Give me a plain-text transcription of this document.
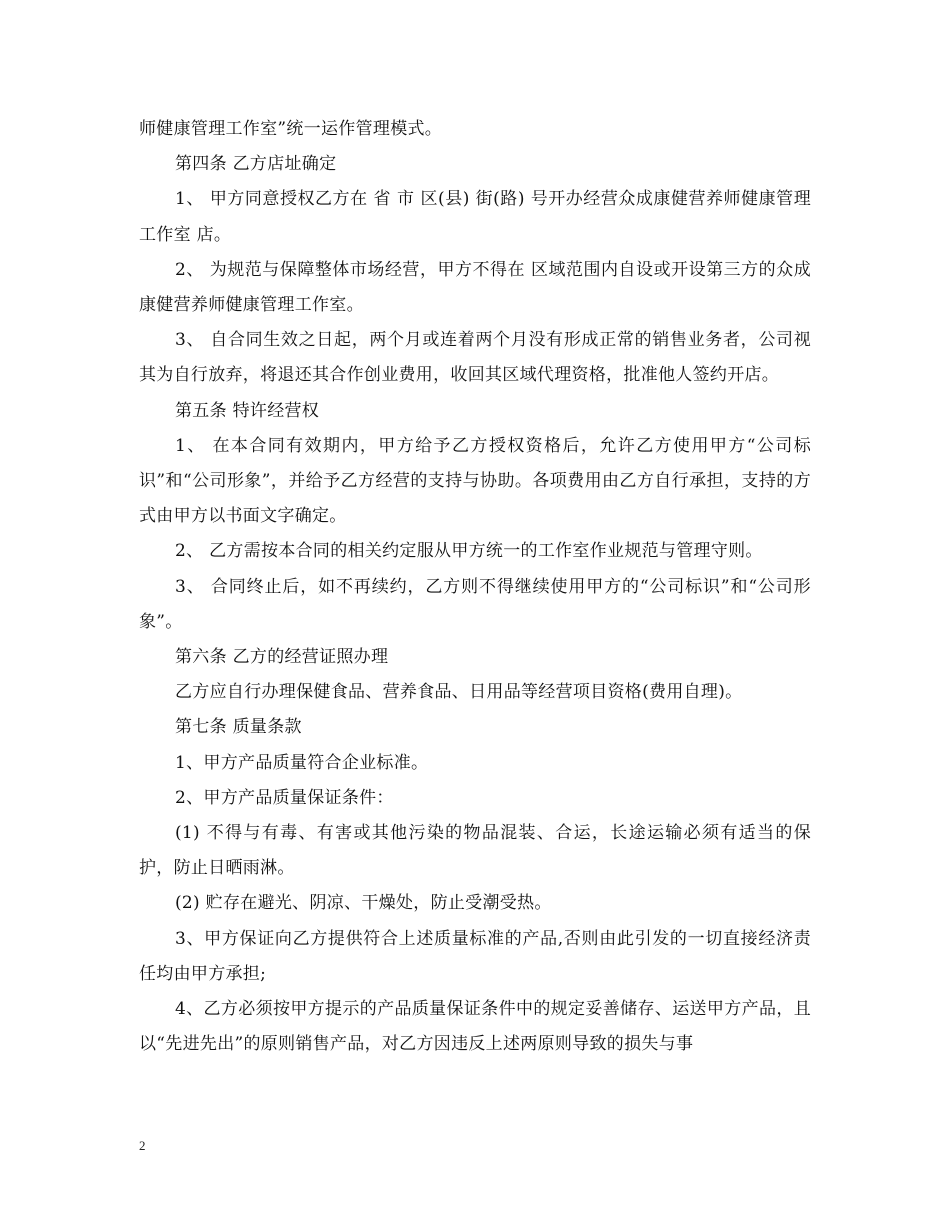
师健康管理工作室”统一运作管理模式。

第四条 乙方店址确定

1、 甲方同意授权乙方在 省 市 区(县) 街(路) 号开办经营众成康健营养师健康管理工作室 店。

2、 为规范与保障整体市场经营，甲方不得在 区域范围内自设或开设第三方的众成康健营养师健康管理工作室。

3、 自合同生效之日起，两个月或连着两个月没有形成正常的销售业务者，公司视其为自行放弃，将退还其合作创业费用，收回其区域代理资格，批准他人签约开店。

第五条 特许经营权

1、 在本合同有效期内，甲方给予乙方授权资格后，允许乙方使用甲方“公司标识”和“公司形象”，并给予乙方经营的支持与协助。各项费用由乙方自行承担，支持的方式由甲方以书面文字确定。

2、 乙方需按本合同的相关约定服从甲方统一的工作室作业规范与管理守则。

3、 合同终止后，如不再续约，乙方则不得继续使用甲方的“公司标识”和“公司形象”。

第六条 乙方的经营证照办理

乙方应自行办理保健食品、营养食品、日用品等经营项目资格(费用自理)。

第七条 质量条款

1、甲方产品质量符合企业标准。

2、甲方产品质量保证条件：

(1) 不得与有毒、有害或其他污染的物品混装、合运，长途运输必须有适当的保护，防止日晒雨淋。

(2) 贮存在避光、阴凉、干燥处，防止受潮受热。

3、甲方保证向乙方提供符合上述质量标准的产品,否则由此引发的一切直接经济责任均由甲方承担;

4、乙方必须按甲方提示的产品质量保证条件中的规定妥善储存、运送甲方产品，且以“先进先出”的原则销售产品，对乙方因违反上述两原则导致的损失与事

2
